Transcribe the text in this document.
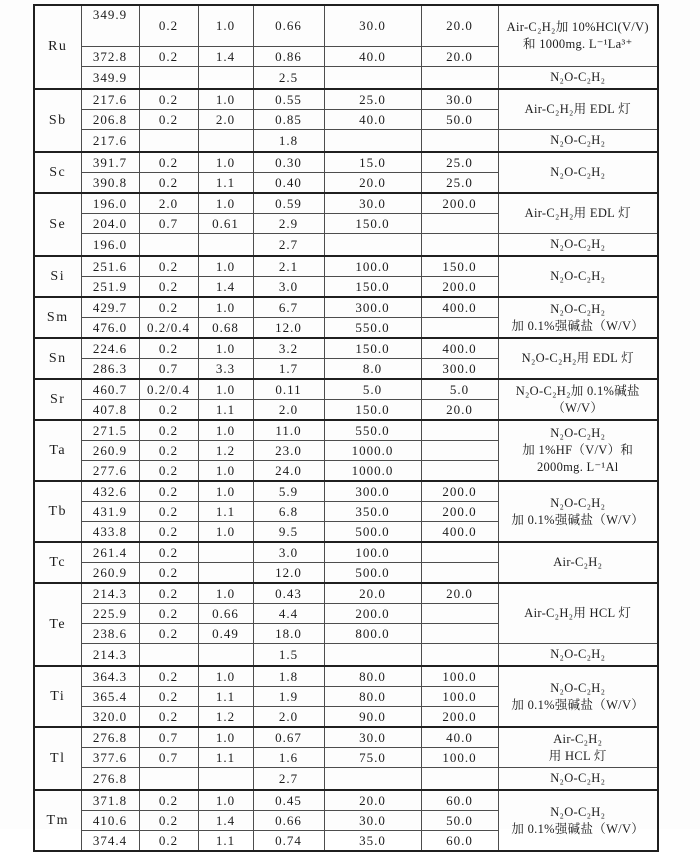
Ru	349.9	0.2	1.0	0.66	30.0	20.0	Air-C₂H₂加 10%HCl(V/V)
和 1000mg. L⁻¹La³⁺

	372.8	0.2	1.4	0.86	40.0	20.0	
	349.9			2.5			N₂O-C₂H₂

Sb	217.6	0.2	1.0	0.55	25.0	30.0	Air-C₂H₂用 EDL 灯

	206.8	0.2	2.0	0.85	40.0	50.0	
	217.6			1.8			N₂O-C₂H₂

Sc	391.7	0.2	1.0	0.30	15.0	25.0	N₂O-C₂H₂

	390.8	0.2	1.1	0.40	20.0	25.0	
Se	196.0	2.0	1.0	0.59	30.0	200.0	Air-C₂H₂用 EDL 灯

	204.0	0.7	0.61	2.9	150.0		
	196.0			2.7			N₂O-C₂H₂

Si	251.6	0.2	1.0	2.1	100.0	150.0	N₂O-C₂H₂

	251.9	0.2	1.4	3.0	150.0	200.0	
Sm	429.7	0.2	1.0	6.7	300.0	400.0	N₂O-C₂H₂
加 0.1%强碱盐（W/V）

	476.0	0.2/0.4	0.68	12.0	550.0		
Sn	224.6	0.2	1.0	3.2	150.0	400.0	N₂O-C₂H₂用 EDL 灯

	286.3	0.7	3.3	1.7	8.0	300.0	
Sr	460.7	0.2/0.4	1.0	0.11	5.0	5.0	N₂O-C₂H₂加 0.1%碱盐
（W/V）

	407.8	0.2	1.1	2.0	150.0	20.0	
Ta	271.5	0.2	1.0	11.0	550.0		N₂O-C₂H₂
加 1%HF（V/V）和
2000mg. L⁻¹Al

	260.9	0.2	1.2	23.0	1000.0		
	277.6	0.2	1.0	24.0	1000.0		
Tb	432.6	0.2	1.0	5.9	300.0	200.0	N₂O-C₂H₂
加 0.1%强碱盐（W/V）

	431.9	0.2	1.1	6.8	350.0	200.0	
	433.8	0.2	1.0	9.5	500.0	400.0	
Tc	261.4	0.2		3.0	100.0		Air-C₂H₂

	260.9	0.2		12.0	500.0		
Te	214.3	0.2	1.0	0.43	20.0	20.0	Air-C₂H₂用 HCL 灯

	225.9	0.2	0.66	4.4	200.0		
	238.6	0.2	0.49	18.0	800.0		
	214.3			1.5			N₂O-C₂H₂

Ti	364.3	0.2	1.0	1.8	80.0	100.0	N₂O-C₂H₂
加 0.1%强碱盐（W/V）

	365.4	0.2	1.1	1.9	80.0	100.0	
	320.0	0.2	1.2	2.0	90.0	200.0	
Tl	276.8	0.7	1.0	0.67	30.0	40.0	Air-C₂H₂
用 HCL 灯

	377.6	0.7	1.1	1.6	75.0	100.0	
	276.8			2.7			N₂O-C₂H₂

Tm	371.8	0.2	1.0	0.45	20.0	60.0	N₂O-C₂H₂
加 0.1%强碱盐（W/V）

	410.6	0.2	1.4	0.66	30.0	50.0	
	374.4	0.2	1.1	0.74	35.0	60.0	
